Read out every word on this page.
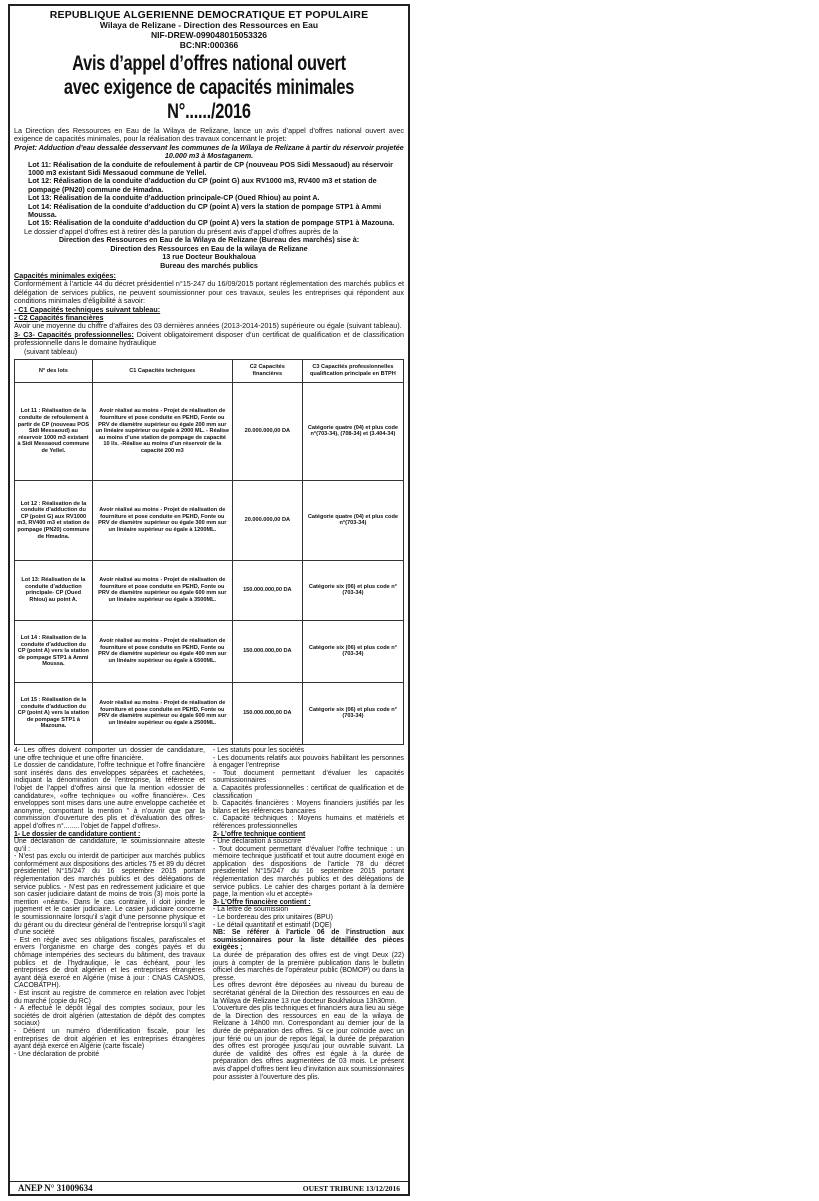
REPUBLIQUE ALGERIENNE DEMOCRATIQUE ET POPULAIRE
Wilaya de Relizane - Direction des Ressources en Eau
NIF-DREW-099048015053326
BC:NR:000366
Avis d’appel d’offres national ouvert
avec exigence de capacités minimales N°....../2016
La Direction des Ressources en Eau de la Wilaya de Relizane, lance un avis d’appel d’offres national ouvert avec exigence de capacités minimales, pour la réalisation des travaux concernant le projet:
Projet: Adduction d’eau dessalée desservant les communes de la Wilaya de Relizane à partir du réservoir projetée 10.000 m3 à Mostaganem.
Lot 11: Réalisation de la conduite de refoulement à partir de CP (nouveau POS Sidi Messaoud) au réservoir 1000 m3 existant Sidi Messaoud commune de Yellel.
Lot 12: Réalisation de la conduite d’adduction du CP (point G) aux RV1000 m3, RV400 m3 et station de pompage (PN20) commune de Hmadna.
Lot 13: Réalisation de la conduite d’adduction principale-CP (Oued Rhiou) au point A.
Lot 14: Réalisation de la conduite d’adduction du CP (point A) vers la station de pompage STP1 à Ammi Moussa.
Lot 15: Réalisation de la conduite d’adduction du CP (point A) vers la station de pompage STP1 à Mazouna.
Le dossier d’appel d’offres est à retirer dès la parution du présent avis d’appel d’offres auprès de la
Direction des Ressources en Eau de la Wilaya de Relizane (Bureau des marchés) sise à:
Direction des Ressources en Eau de la wilaya de Relizane
13 rue Docteur Boukhaloua
Bureau des marchés publics
Capacités minimales exigées:
Conformément à l’article 44 du décret présidentiel n°15-247 du 16/09/2015 portant réglementation des marchés publics et délégation de services publics, ne peuvent soumissionner pour ces travaux, seules les entreprises qui répondent aux conditions minimales d’éligibilité à savoir:
- C1 Capacités techniques suivant tableau:
- C2 Capacités financières
Avoir une moyenne du chiffre d’affaires des 03 dernières années (2013-2014-2015) supérieure ou égale (suivant tableau).
3- C3- Capacités professionnelles: Doivent obligatoirement disposer d’un certificat de qualification et de classification professionnelle dans le domaine hydraulique
(suivant tableau)
N° des lots	C1 Capacités techniques	C2 Capacités financières	C3 Capacités professionnelles qualification principale en BTPH
Lot 11 : Réalisation de la conduite de refoulement à partir de CP (nouveau POS Sidi Messaoud) au réservoir 1000 m3 existant à Sidi Messaoud commune de Yellel.	Avoir réalisé au moins - Projet de réalisation de fourniture et pose conduite en PEHD, Fonte ou PRV de diamètre supérieur ou égale 200 mm sur un linéaire supérieur ou égale à 2000 ML. - Réalise au moins d’une station de pompage de capacité 10 l/s. -Réalise au moins d’un réservoir de la capacité 200 m3	20.000.000,00 DA	Catégorie quatre (04) et plus code n°(703-34), (708-34) et (3.404-34)
Lot 12 : Réalisation de la conduite d’adduction du CP (point G) aux RV1000 m3, RV400 m3 et station de pompage (PN20) commune de Hmadna.	Avoir réalisé au moins - Projet de réalisation de fourniture et pose conduite en PEHD, Fonte ou PRV de diamètre supérieur ou égale 300 mm sur un linéaire supérieur ou égale à 1200ML.	20.000.000,00 DA	Catégorie quatre (04) et plus code n°(703-34)
Lot 13: Réalisation de la conduite d’adduction principale- CP (Oued Rhiou) au point A.	Avoir réalisé au moins - Projet de réalisation de fourniture et pose conduite en PEHD, Fonte ou PRV de diamètre supérieur ou égale 600 mm sur un linéaire supérieur ou égale à 3500ML.	150.000.000,00 DA	Catégorie six (06) et plus code n°(703-34)
Lot 14 : Réalisation de la conduite d’adduction du CP (point A) vers la station de pompage STP1 à Ammi Moussa.	Avoir réalisé au moins - Projet de réalisation de fourniture et pose conduite en PEHD, Fonte ou PRV de diamètre supérieur ou égale 400 mm sur un linéaire supérieur ou égale à 6500ML.	150.000.000,00 DA	Catégorie six (06) et plus code n°(703-34)
Lot 15 : Réalisation de la conduite d’adduction du CP (point A) vers la station de pompage STP1 à Mazouna.	Avoir réalisé au moins - Projet de réalisation de fourniture et pose conduite en PEHD, Fonte ou PRV de diamètre supérieur ou égale 600 mm sur un linéaire supérieur ou égale à 2500ML.	150.000.000,00 DA	Catégorie six (06) et plus code n°(703-34)
4- Les offres doivent comporter un dossier de candidature, une offre technique et une offre financière.
Le dossier de candidature, l’offre technique et l’offre financière sont insérés dans des enveloppes séparées et cachetées, indiquant la dénomination de l’entreprise, la référence et l’objet de l’appel d’offres ainsi que la mention «dossier de candidature», «offre technique» ou «offre financière». Ces enveloppes sont mises dans une autre enveloppe cachetée et anonyme, comportant la mention " à n’ouvrir que par la commission d’ouverture des plis et d’évaluation des offres- appel d’offres n°........ l’objet de l’appel d’offres».
1- Le dossier de candidature contient :
Une déclaration de candidature, le soumissionnaire atteste qu’il :
- N’est pas exclu ou interdit de participer aux marchés publics conformément aux dispositions des articles 75 et 89 du décret présidentiel N°15/247 du 16 septembre 2015 portant réglementation des marchés publics et des délégations de service publics. - N’est pas en redressement judiciaire et que son casier judiciaire datant de moins de trois (3) mois porte la mention «néant». Dans le cas contraire, il doit joindre le jugement et le casier judiciaire. Le casier judiciaire concerne le soumissionnaire lorsqu’il s’agit d’une personne physique et du gérant ou du directeur général de l’entreprise lorsqu’il s’agit d’une société
- Est en règle avec ses obligations fiscales, parafiscales et envers l’organisme en charge des congés payés et du chômage intempéries des secteurs du bâtiment, des travaux publics et de l’hydraulique, le cas échéant, pour les entreprises de droit algérien et les entreprises étrangères ayant déjà exercé en Algérie (mise à jour : CNAS CASNOS, CACOBATPH).
- Est inscrit au registre de commerce en relation avec l’objet du marché (copie du RC)
- A effectué le dépôt légal des comptes sociaux, pour les sociétés de droit algérien (attestation de dépôt des comptes sociaux)
- Détient un numéro d’identification fiscale, pour les entreprises de droit algérien et les entreprises étrangères ayant déjà exercé en Algérie (carte fiscale)
- Une déclaration de probité
- Les statuts pour les sociétés
- Les documents relatifs aux pouvoirs habilitant les personnes à engager l’entreprise
- Tout document permettant d’évaluer les capacités soumissionnaires
a. Capacités professionnelles : certificat de qualification et de classification
b. Capacités financières : Moyens financiers justifiés par les bilans et les références bancaires
c. Capacité techniques : Moyens humains et matériels et références professionnelles
2- L’offre technique contient
- Une déclaration à souscrire
- Tout document permettant d’évaluer l’offre technique : un mémoire technique justificatif et tout autre document exigé en application des dispositions de l’article 78 du décret présidentiel N°15/247 du 16 septembre 2015 portant réglementation des marchés publics et des délégations de service publics. Le cahier des charges portant à la dernière page, la mention «lu et accepté»
3- L’Offre financière contient :
- La lettre de soumission
- Le bordereau des prix unitaires (BPU)
- Le détail quantitatif et estimatif (DQE)
NB: Se référer à l’article 06 de l’instruction aux soumissionnaires pour la liste détaillée des pièces exigées ;
La durée de préparation des offres est de vingt Deux (22) jours à compter de la première publication dans le bulletin officiel des marchés de l’opérateur public (BOMOP) ou dans la presse.
Les offres devront être déposées au niveau du bureau de secrétariat général de la Direction des ressources en eau de la Wilaya de Relizane 13 rue docteur Boukhaloua 13h30mn.
L’ouverture des plis techniques et financiers aura lieu au siège de la Direction des ressources en eau de la wilaya de Relizane à 14h00 mn. Correspondant au dernier jour de la durée de préparation des offres. Si ce jour coïncide avec un jour férié ou un jour de repos légal, la durée de préparation des offres est prorogée jusqu’au jour ouvrable suivant. La durée de validité des offres est égale à la durée de préparation des offres augmentées de 03 mois. Le présent avis d’appel d’offres tient lieu d’invitation aux soumissionnaires pour assister à l’ouverture des plis.
ANEP N° 31009634	OUEST TRIBUNE 13/12/2016
